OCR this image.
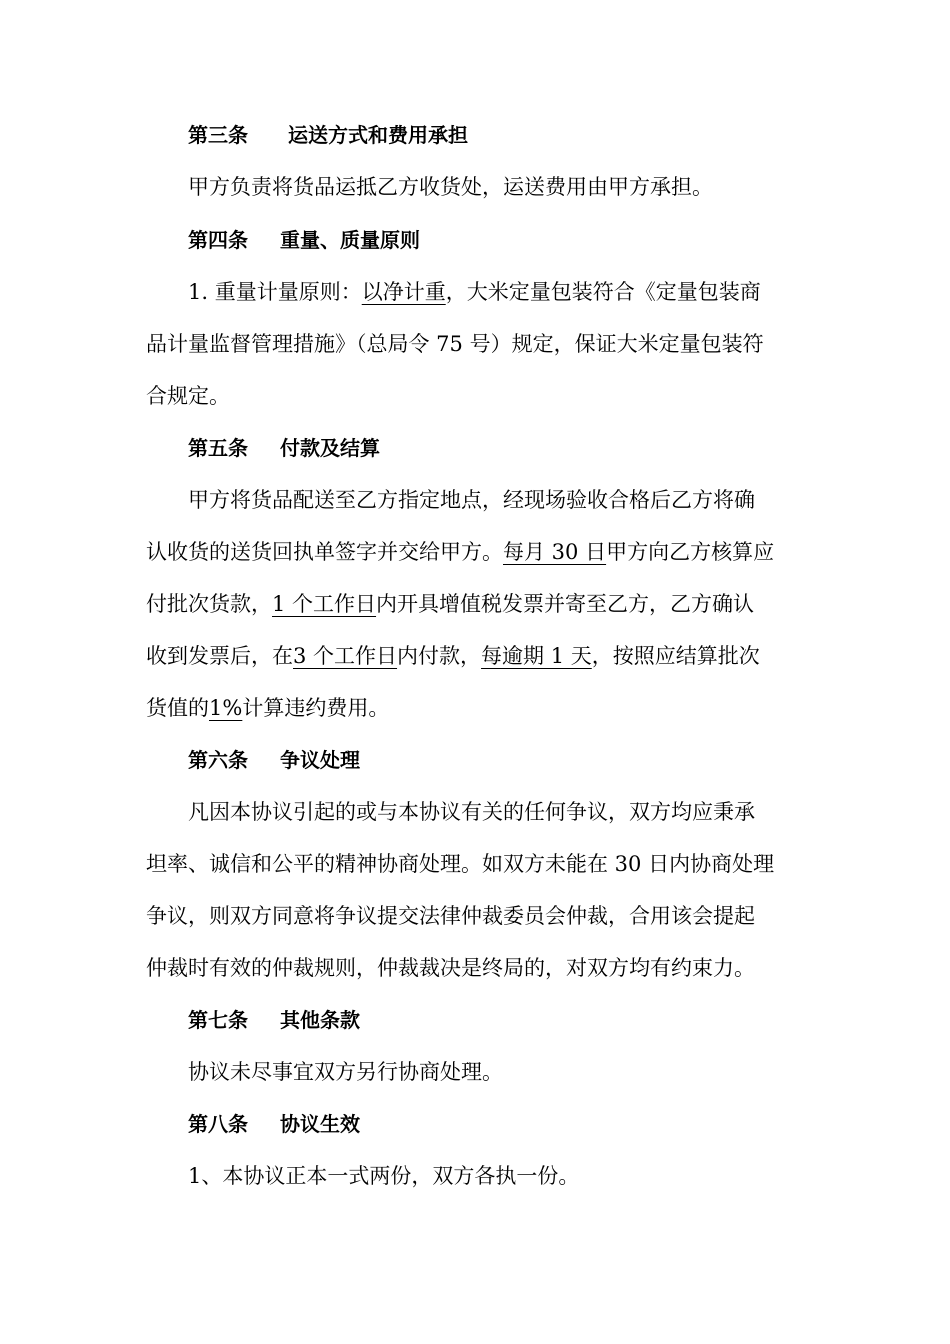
第三条 运送方式和费用承担
甲方负责将货品运抵乙方收货处，运送费用由甲方承担。
第四条 重量、质量原则
1. 重量计量原则：以净计重，大米定量包装符合《定量包装商
品计量监督管理措施》（总局令 75 号）规定，保证大米定量包装符
合规定。
第五条 付款及结算
甲方将货品配送至乙方指定地点，经现场验收合格后乙方将确
认收货的送货回执单签字并交给甲方。每月 30 日甲方向乙方核算应
付批次货款，1 个工作日内开具增值税发票并寄至乙方，乙方确认
收到发票后，在3 个工作日内付款，每逾期 1 天，按照应结算批次
货值的1%计算违约费用。
第六条 争议处理
凡因本协议引起的或与本协议有关的任何争议，双方均应秉承
坦率、诚信和公平的精神协商处理。如双方未能在 30 日内协商处理
争议，则双方同意将争议提交法律仲裁委员会仲裁，合用该会提起
仲裁时有效的仲裁规则，仲裁裁决是终局的，对双方均有约束力。
第七条 其他条款
协议未尽事宜双方另行协商处理。
第八条 协议生效
1、本协议正本一式两份，双方各执一份。
